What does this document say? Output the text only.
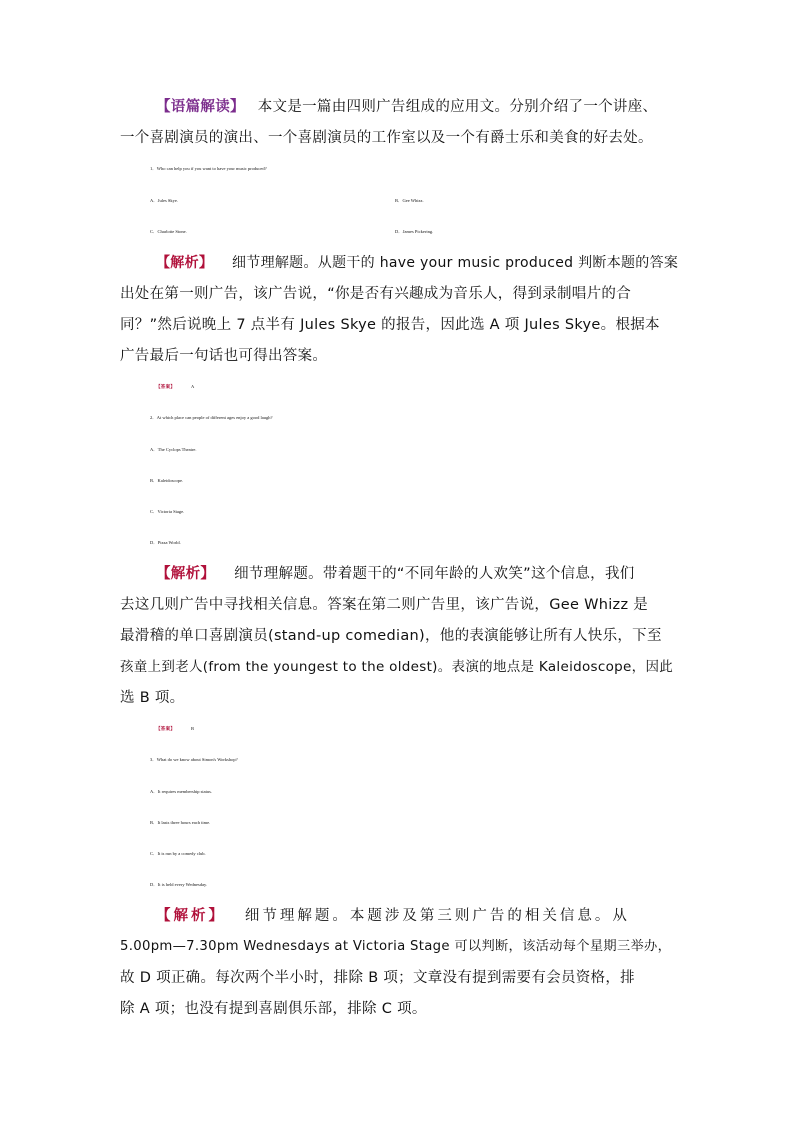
【语篇解读】 本文是一篇由四则广告组成的应用文。分别介绍了一个讲座、
一个喜剧演员的演出、一个喜剧演员的工作室以及一个有爵士乐和美食的好去处。
1．Who can help you if you want to have your music produced?
A．Jules Skye.	B．Gee Whizz.
C．Charlotte Stone.	D．James Pickering.
【解析】 细节理解题。从题干的 have your music produced 判断本题的答案
出处在第一则广告，该广告说，“你是否有兴趣成为音乐人，得到录制唱片的合
同？”然后说晚上 7 点半有 Jules Skye 的报告，因此选 A 项 Jules Skye。根据本
广告最后一句话也可得出答案。
【答案】	A
2．At which place can people of different ages enjoy a good laugh?
A．The Cyclops Theatre.
B．Kaleidoscope.
C．Victoria Stage.
D．Pizza World.
【解析】 细节理解题。带着题干的“不同年龄的人欢笑”这个信息，我们
去这几则广告中寻找相关信息。答案在第二则广告里，该广告说，Gee Whizz 是
最滑稽的单口喜剧演员(stand-up comedian)，他的表演能够让所有人快乐，下至
孩童上到老人(from the youngest to the oldest)。表演的地点是 Kaleidoscope，因此
选 B 项。
【答案】	B
3．What do we know about Simon's Workshop?
A．It requires membership status.
B．It lasts three hours each time.
C．It is run by a comedy club.
D．It is held every Wednesday.
【解析】 细节理解题。本题涉及第三则广告的相关信息。从
5.00pm—7.30pm Wednesdays at Victoria Stage 可以判断，该活动每个星期三举办，
故 D 项正确。每次两个半小时，排除 B 项；文章没有提到需要有会员资格，排
除 A 项；也没有提到喜剧俱乐部，排除 C 项。
